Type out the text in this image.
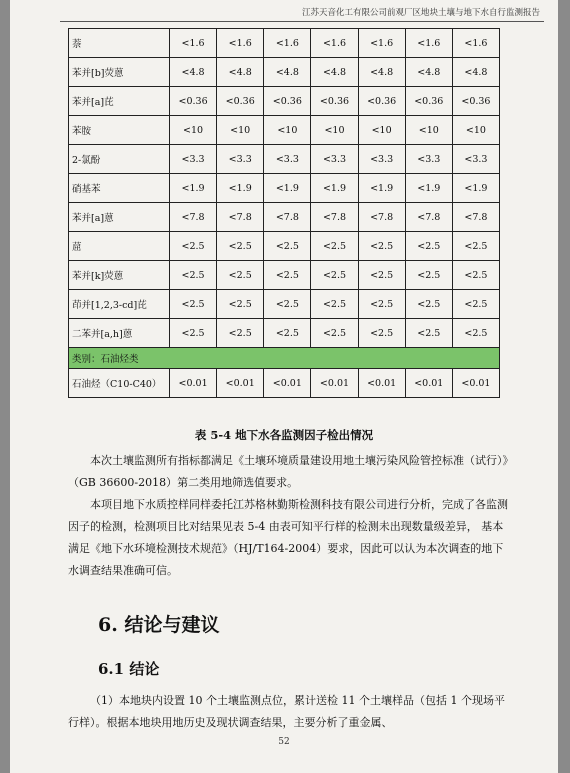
江苏天音化工有限公司前观厂区地块土壤与地下水自行监测报告
萘	<1.6	<1.6	<1.6	<1.6	<1.6	<1.6	<1.6
苯并[b]荧蒽	<4.8	<4.8	<4.8	<4.8	<4.8	<4.8	<4.8
苯并[a]芘	<0.36	<0.36	<0.36	<0.36	<0.36	<0.36	<0.36
苯胺	<10	<10	<10	<10	<10	<10	<10
2-氯酚	<3.3	<3.3	<3.3	<3.3	<3.3	<3.3	<3.3
硝基苯	<1.9	<1.9	<1.9	<1.9	<1.9	<1.9	<1.9
苯并[a]蒽	<7.8	<7.8	<7.8	<7.8	<7.8	<7.8	<7.8
䓛	<2.5	<2.5	<2.5	<2.5	<2.5	<2.5	<2.5
苯并[k]荧蒽	<2.5	<2.5	<2.5	<2.5	<2.5	<2.5	<2.5
茚并[1,2,3-cd]芘	<2.5	<2.5	<2.5	<2.5	<2.5	<2.5	<2.5
二苯并[a,h]蒽	<2.5	<2.5	<2.5	<2.5	<2.5	<2.5	<2.5
类别：石油烃类							
石油烃（C10-C40）	<0.01	<0.01	<0.01	<0.01	<0.01	<0.01	<0.01
表 5-4 地下水各监测因子检出情况
本次土壤监测所有指标都满足《土壤环境质量建设用地土壤污染风险管控标准（试行）》（GB 36600-2018）第二类用地筛选值要求。
本项目地下水质控样同样委托江苏格林勤斯检测科技有限公司进行分析，完成了各监测因子的检测，检测项目比对结果见表 5-4 由表可知平行样的检测未出现数量级差异， 基本满足《地下水环境检测技术规范》（HJ/T164-2004）要求，因此可以认为本次调查的地下水调查结果准确可信。
6. 结论与建议
6.1 结论
（1）本地块内设置 10 个土壤监测点位，累计送检 11 个土壤样品（包括 1 个现场平行样）。根据本地块用地历史及现状调查结果，主要分析了重金属、
52
